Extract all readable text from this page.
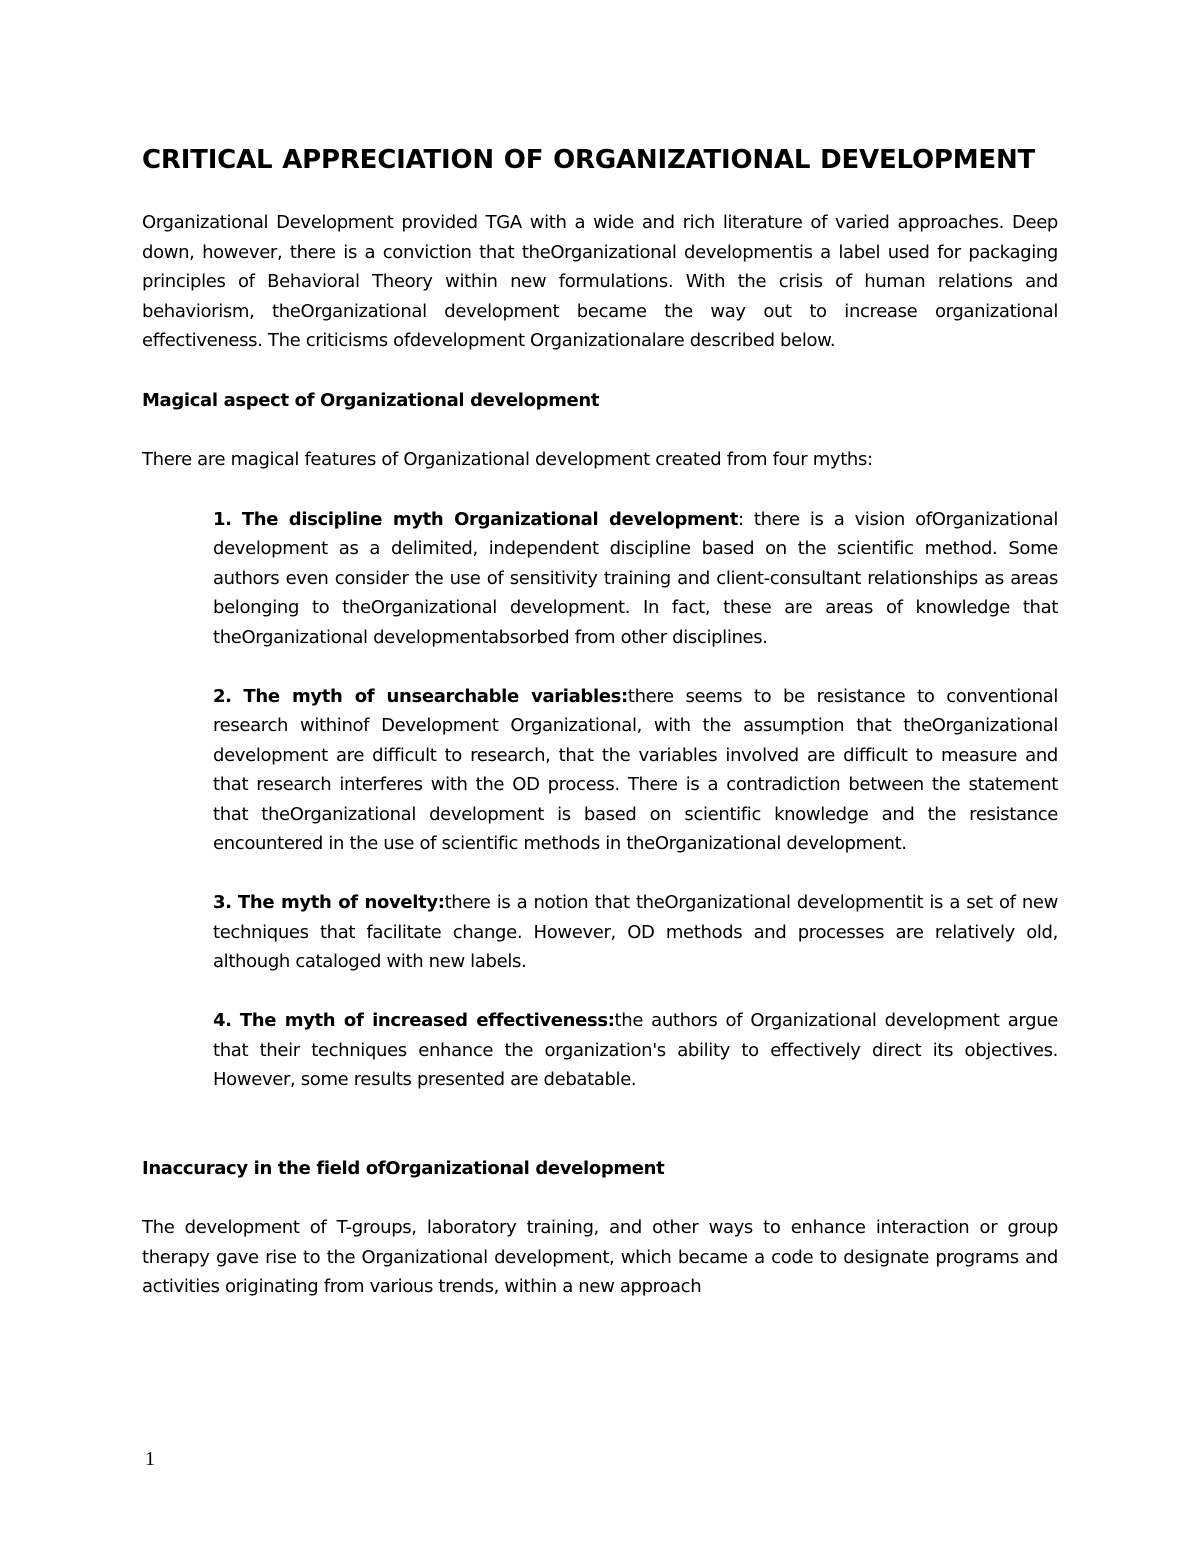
CRITICAL APPRECIATION OF ORGANIZATIONAL DEVELOPMENT

Organizational Development provided TGA with a wide and rich literature of varied approaches. Deep down, however, there is a conviction that theOrganizational developmentis a label used for packaging principles of Behavioral Theory within new formulations. With the crisis of human relations and behaviorism, theOrganizational development became the way out to increase organizational effectiveness. The criticisms ofdevelopment Organizationalare described below.

Magical aspect of Organizational development

There are magical features of Organizational development created from four myths:

1. The discipline myth Organizational development: there is a vision ofOrganizational development as a delimited, independent discipline based on the scientific method. Some authors even consider the use of sensitivity training and client-consultant relationships as areas belonging to theOrganizational development. In fact, these are areas of knowledge that theOrganizational developmentabsorbed from other disciplines.
2. The myth of unsearchable variables:there seems to be resistance to conventional research withinof Development Organizational, with the assumption that theOrganizational development are difficult to research, that the variables involved are difficult to measure and that research interferes with the OD process. There is a contradiction between the statement that theOrganizational development is based on scientific knowledge and the resistance encountered in the use of scientific methods in theOrganizational development.
3. The myth of novelty:there is a notion that theOrganizational developmentit is a set of new techniques that facilitate change. However, OD methods and processes are relatively old, although cataloged with new labels.
4. The myth of increased effectiveness:the authors of Organizational development argue that their techniques enhance the organization's ability to effectively direct its objectives. However, some results presented are debatable.
Inaccuracy in the field ofOrganizational development

The development of T-groups, laboratory training, and other ways to enhance interaction or group therapy gave rise to the Organizational development, which became a code to designate programs and activities originating from various trends, within a new approach

1
